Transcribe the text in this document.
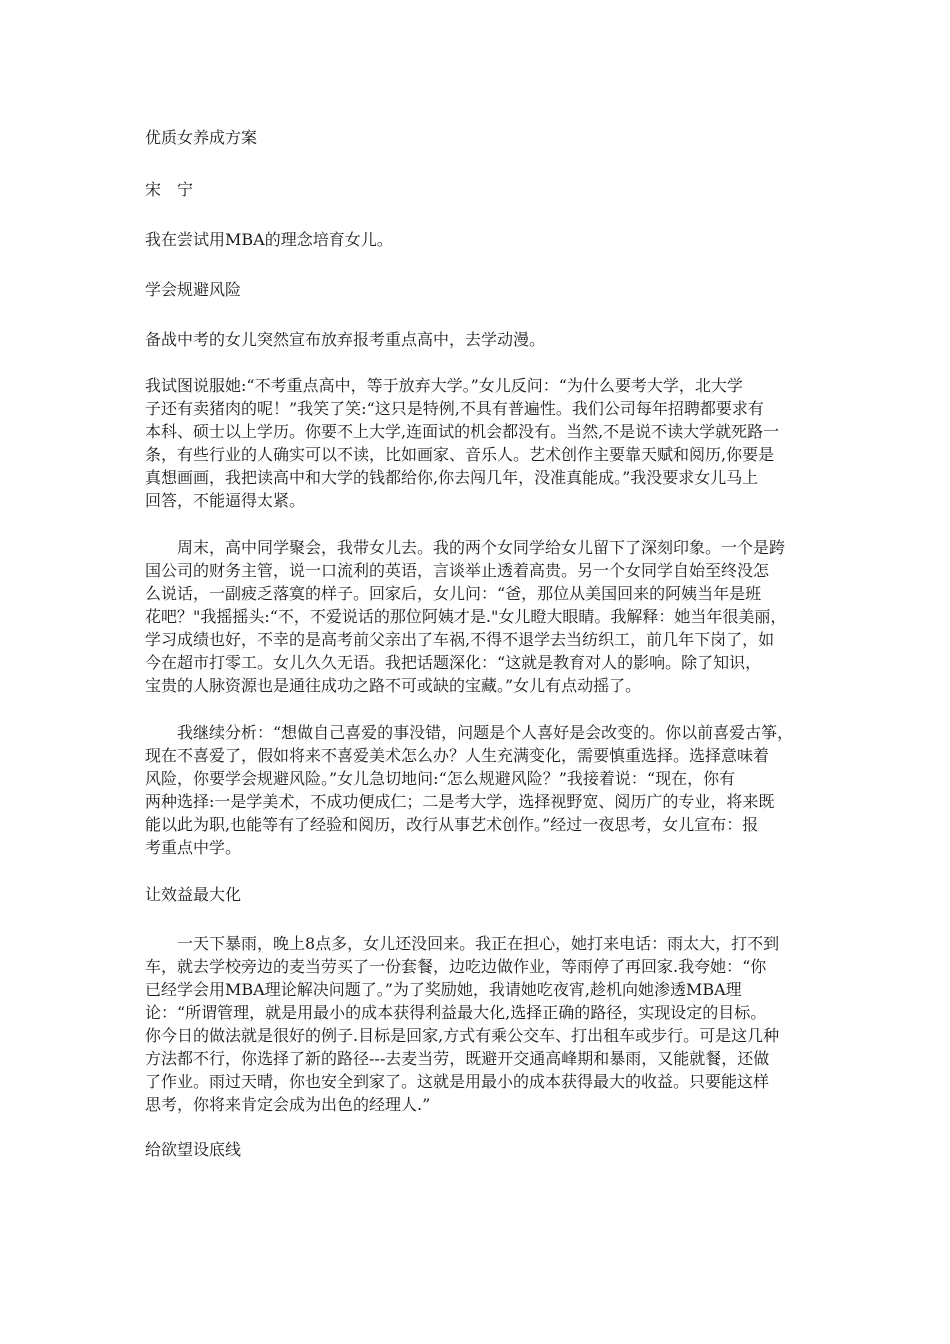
优质女养成方案

宋　宁

我在尝试用MBA的理念培育女儿。

学会规避风险

备战中考的女儿突然宣布放弃报考重点高中，去学动漫。

我试图说服她:“不考重点高中，等于放弃大学。”女儿反问：“为什么要考大学，北大学

子还有卖猪肉的呢！”我笑了笑:“这只是特例,不具有普遍性。我们公司每年招聘都要求有

本科、硕士以上学历。你要不上大学,连面试的机会都没有。当然,不是说不读大学就死路一

条，有些行业的人确实可以不读，比如画家、音乐人。艺术创作主要靠天赋和阅历,你要是

真想画画，我把读高中和大学的钱都给你,你去闯几年，没准真能成。”我没要求女儿马上

回答，不能逼得太紧。

　　周末，高中同学聚会，我带女儿去。我的两个女同学给女儿留下了深刻印象。一个是跨

国公司的财务主管，说一口流利的英语，言谈举止透着高贵。另一个女同学自始至终没怎

么说话，一副疲乏落寞的样子。回家后，女儿问：“爸，那位从美国回来的阿姨当年是班

花吧？"我摇摇头:“不，不爱说话的那位阿姨才是."女儿瞪大眼睛。我解释：她当年很美丽，

学习成绩也好，不幸的是高考前父亲出了车祸,不得不退学去当纺织工，前几年下岗了，如

今在超市打零工。女儿久久无语。我把话题深化：“这就是教育对人的影响。除了知识，

宝贵的人脉资源也是通往成功之路不可或缺的宝藏。”女儿有点动摇了。

　　我继续分析：“想做自己喜爱的事没错，问题是个人喜好是会改变的。你以前喜爱古筝，

现在不喜爱了，假如将来不喜爱美术怎么办？人生充满变化，需要慎重选择。选择意味着

风险，你要学会规避风险。”女儿急切地问:“怎么规避风险？”我接着说：“现在，你有

两种选择:一是学美术，不成功便成仁；二是考大学，选择视野宽、阅历广的专业，将来既

能以此为职,也能等有了经验和阅历，改行从事艺术创作。”经过一夜思考，女儿宣布：报

考重点中学。

让效益最大化

　　一天下暴雨，晚上8点多，女儿还没回来。我正在担心，她打来电话：雨太大，打不到

车，就去学校旁边的麦当劳买了一份套餐，边吃边做作业，等雨停了再回家.我夸她：“你

已经学会用MBA理论解决问题了。”为了奖励她，我请她吃夜宵,趁机向她渗透MBA理

论：“所谓管理，就是用最小的成本获得利益最大化,选择正确的路径，实现设定的目标。

你今日的做法就是很好的例子.目标是回家,方式有乘公交车、打出租车或步行。可是这几种

方法都不行，你选择了新的路径---去麦当劳，既避开交通高峰期和暴雨，又能就餐，还做

了作业。雨过天晴，你也安全到家了。这就是用最小的成本获得最大的收益。只要能这样

思考，你将来肯定会成为出色的经理人.”

给欲望设底线
